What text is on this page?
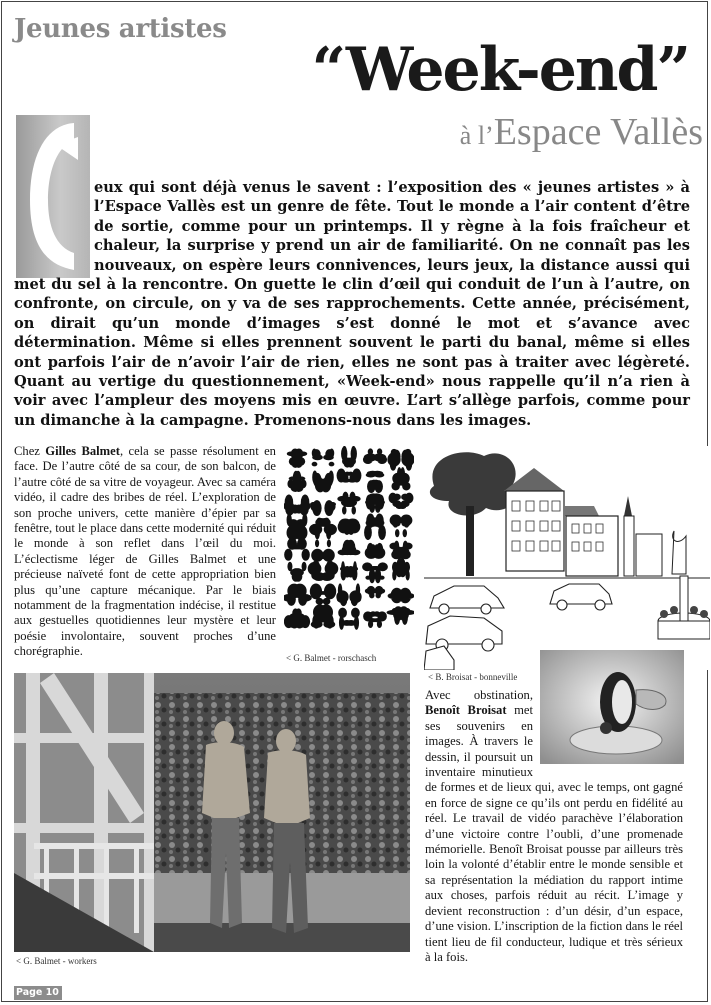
Jeunes artistes
“Week-end”
à l’Espace Vallès
eux qui sont déjà venus le savent : l’exposition des « jeunes artistes » à l’Espace Vallès est un genre de fête. Tout le monde a l’air content d’être de sortie, comme pour un printemps. Il y règne à la fois fraîcheur et chaleur, la surprise y prend un air de familiarité. On ne connaît pas les nouveaux, on espère leurs connivences, leurs jeux, la distance aussi qui met du sel à la rencontre. On guette le clin d’œil qui conduit de l’un à l’autre, on confronte, on circule, on y va de ses rapprochements. Cette année, précisément, on dirait qu’un monde d’images s’est donné le mot et s’avance avec détermination. Même si elles prennent souvent le parti du banal, même si elles ont parfois l’air de n’avoir l’air de rien, elles ne sont pas à traiter avec légèreté. Quant au vertige du questionnement, «Week-end» nous rappelle qu’il n’a rien à voir avec l’ampleur des moyens mis en œuvre. L’art s’allège parfois, comme pour un dimanche à la campagne. Promenons-nous dans les images.
Chez Gilles Balmet, cela se passe résolument en face. De l’autre côté de sa cour, de son balcon, de l’autre côté de sa vitre de voyageur. Avec sa caméra vidéo, il cadre des bribes de réel. L’exploration de son proche univers, cette manière d’épier par sa fenêtre, tout le place dans cette modernité qui réduit le monde à son reflet dans l’œil du moi. L’éclectisme léger de Gilles Balmet et une précieuse naïveté font de cette appropriation bien plus qu’une capture mécanique. Par le biais notamment de la fragmentation indécise, il restitue aux gestuelles quotidiennes leur mystère et leur poésie involontaire, souvent proches d’une chorégraphie.	< G. Balmet - rorschasch
< B. Broisat - bonneville
< G. Balmet - workers
Avec obstination, Benoît Broisat met ses souvenirs en images. À travers le dessin, il poursuit un inventaire minutieux de formes et de lieux qui, avec le temps, ont gagné en force de signe ce qu’ils ont perdu en fidélité au réel. Le travail de vidéo parachève l’élaboration d’une victoire contre l’oubli, d’une promenade mémorielle. Benoît Broisat pousse par ailleurs très loin la volonté d’établir entre le monde sensible et sa représentation la médiation du rapport intime aux choses, parfois réduit au récit. L’image y devient reconstruction : d’un désir, d’un espace, d’une vision. L’inscription de la fiction dans le réel tient lieu de fil conducteur, ludique et très sérieux à la fois.
Page 10
